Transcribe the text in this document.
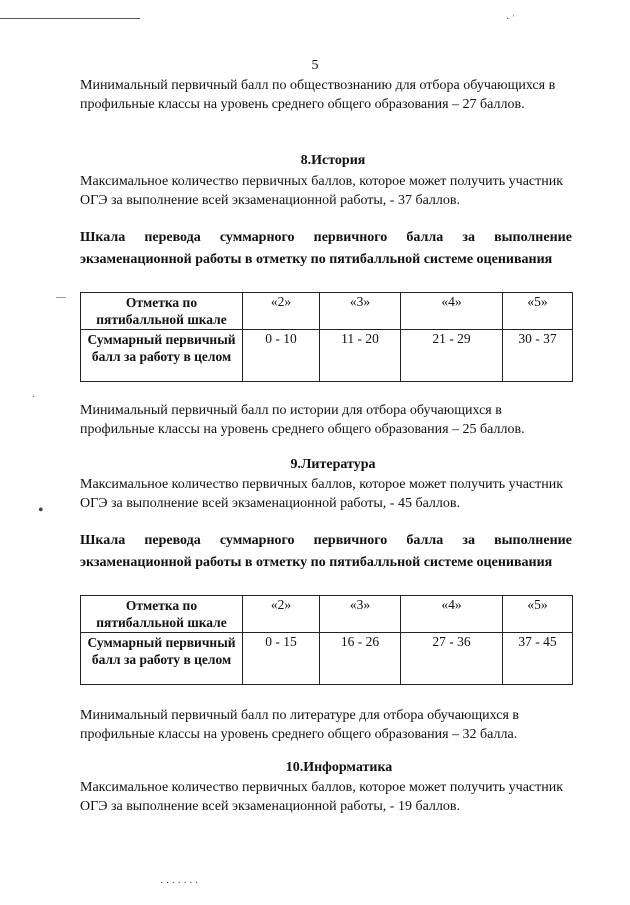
5
Минимальный первичный балл по обществознанию для отбора обучающихся в
профильные классы на уровень среднего общего образования – 27 баллов.
8.История
Максимальное количество первичных баллов, которое может получить участник
ОГЭ за выполнение всей экзаменационной работы, - 37 баллов.
Шкала перевода суммарного первичного балла за выполнение
экзаменационной работы в отметку по пятибалльной системе оценивания
Отметка по пятибалльной шкале	«2»	«3»	«4»	«5»
Суммарный первичный балл за работу в целом	0 - 10	11 - 20	21 - 29	30 - 37
Минимальный первичный балл по истории для отбора обучающихся в
профильные классы на уровень среднего общего образования – 25 баллов.
9.Литература
Максимальное количество первичных баллов, которое может получить участник
ОГЭ за выполнение всей экзаменационной работы, - 45 баллов.
Шкала перевода суммарного первичного балла за выполнение
экзаменационной работы в отметку по пятибалльной системе оценивания
Отметка по пятибалльной шкале	«2»	«3»	«4»	«5»
Суммарный первичный балл за работу в целом	0 - 15	16 - 26	27 - 36	37 - 45
Минимальный первичный балл по литературе для отбора обучающихся в
профильные классы на уровень среднего общего образования – 32 балла.
10.Информатика
Максимальное количество первичных баллов, которое может получить участник
ОГЭ за выполнение всей экзаменационной работы, - 19 баллов.
—
·
•
· ˈ
· · · · · · ·
